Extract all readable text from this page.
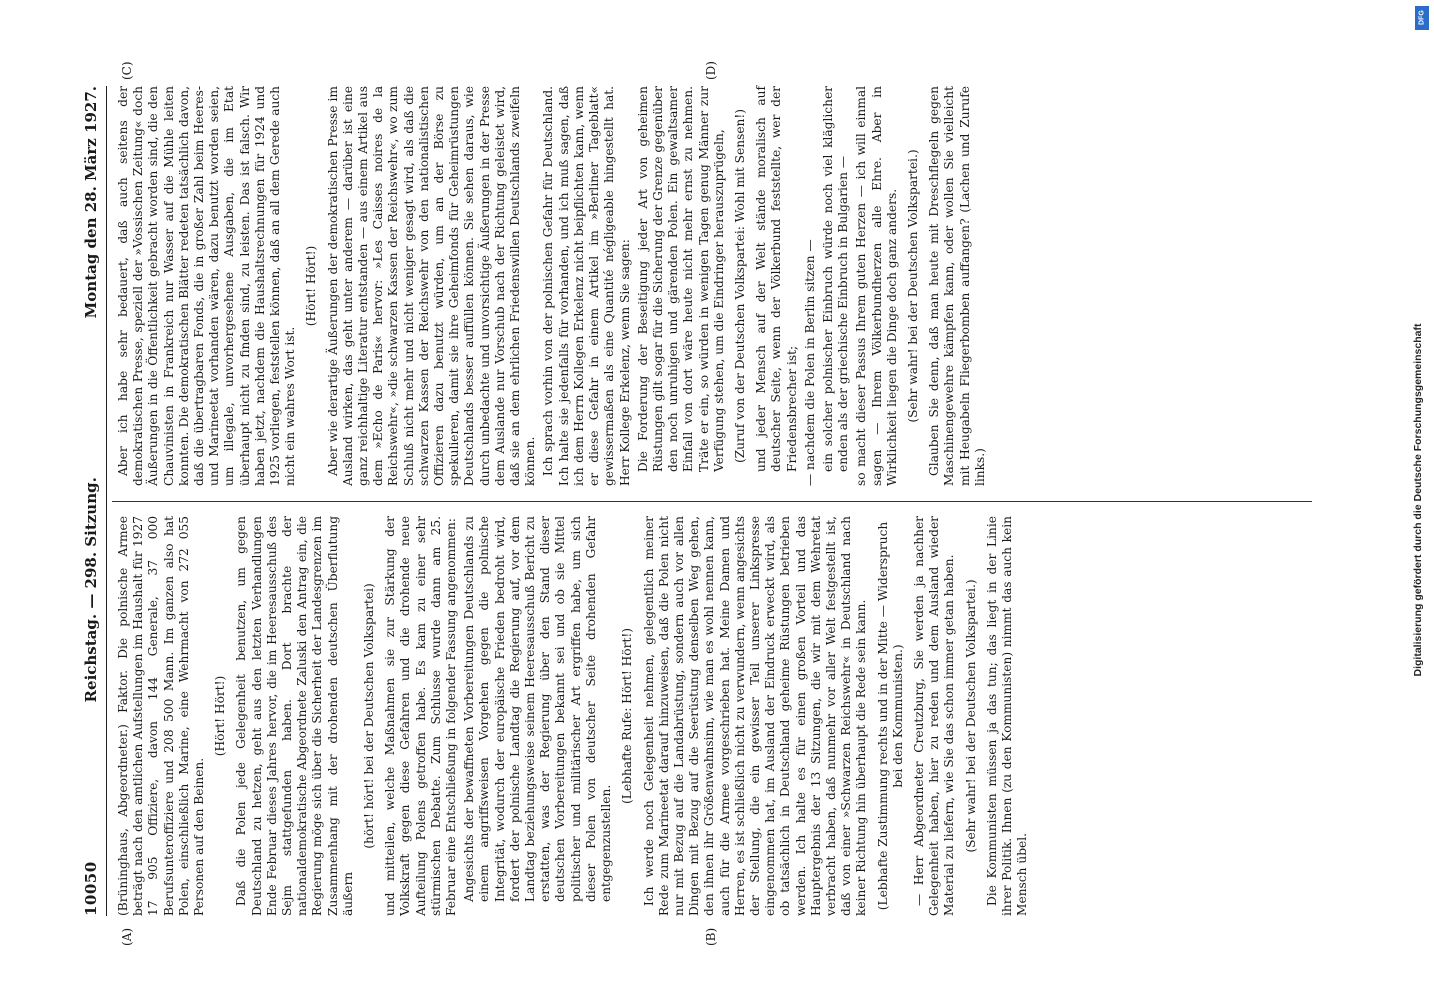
10050
Reichstag. — 298. Sitzung.
Montag den 28. März 1927.
(A)	(B)
(C)	(D)

(Brüninghaus, Abgeordneter.) Faktor. Die polnische Armee beträgt nach den amtlichen Aufstellungen im Haushalt für 1927 17 905 Offiziere, davon 144 Generale, 37 000 Berufsunteroffiziere und 208 500 Mann. Im ganzen also hat Polen, einschließlich Marine, eine Wehrmacht von 272 055 Personen auf den Beinen.

(Hört! Hört!) Daß die Polen jede Gelegenheit benutzen, um gegen Deutschland zu hetzen, geht aus den letzten Verhandlungen Ende Februar dieses Jahres hervor, die im Heeresausschuß des Sejm stattgefunden haben. Dort brachte der nationaldemokratische Abgeordnete Zaluski den Antrag ein, die Regierung möge sich über die Sicherheit der Landesgrenzen im Zusammenhang mit der drohenden deutschen Überflutung äußern

(hört! hört! bei der Deutschen Volkspartei) und mitteilen, welche Maßnahmen sie zur Stärkung der Volkskraft gegen diese Gefahren und die drohende neue Aufteilung Polens getroffen habe. Es kam zu einer sehr stürmischen Debatte. Zum Schlusse wurde dann am 25. Februar eine Entschließung in folgender Fassung angenommen: Angesichts der bewaffneten Vorbereitungen Deutschlands zu einem angriffsweisen Vorgehen gegen die polnische Integrität, wodurch der europäische Frieden bedroht wird, fordert der polnische Landtag die Regierung auf, vor dem Landtag beziehungsweise seinem Heeresausschuß Bericht zu erstatten, was der Regierung über den Stand dieser deutschen Vorbereitungen bekannt sei und ob sie Mittel politischer und militärischer Art ergriffen habe, um sich dieser Polen von deutscher Seite drohenden Gefahr entgegenzustellen.

(Lebhafte Rufe: Hört! Hört!) Ich werde noch Gelegenheit nehmen, gelegentlich meiner Rede zum Marineetat darauf hinzuweisen, daß die Polen nicht nur mit Bezug auf die Landabrüstung, sondern auch vor allen Dingen mit Bezug auf die Seerüstung denselben Weg gehen, den ihnen ihr Größenwahnsinn, wie man es wohl nennen kann, auch für die Armee vorgeschrieben hat. Meine Damen und Herren, es ist schließlich nicht zu verwundern, wenn angesichts der Stellung, die ein gewisser Teil unserer Linkspresse eingenommen hat, im Ausland der Eindruck erweckt wird, als ob tatsächlich in Deutschland geheime Rüstungen betrieben werden. Ich halte es für einen großen Vorteil und das Hauptergebnis der 13 Sitzungen, die wir mit dem Wehretat verbracht haben, daß nunmehr vor aller Welt festgestellt ist, daß von einer »Schwarzen Reichswehr« in Deutschland nach keiner Richtung hin überhaupt die Rede sein kann. (Lebhafte Zustimmung rechts und in der Mitte — Widerspruch bei den Kommunisten.) — Herr Abgeordneter Creutzburg, Sie werden ja nachher Gelegenheit haben, hier zu reden und dem Ausland wieder Material zu liefern, wie Sie das schon immer getan haben. (Sehr wahr! bei der Deutschen Volkspartei.) Die Kommunisten müssen ja das tun; das liegt in der Linie ihrer Politik. Ihnen (zu den Kommunisten) nimmt das auch kein Mensch übel.

Aber ich habe sehr bedauert, daß auch seitens der demokratischen Presse, speziell der »Vossischen Zeitung« doch Äußerungen in die Öffentlichkeit gebracht worden sind, die den Chauvinisten in Frankreich nur Wasser auf die Mühle leiten konnten. Die demokratischen Blätter redeten tatsächlich davon, daß die übertragbaren Fonds, die in großer Zahl beim Heeres- und Marineetat vorhanden wären, dazu benutzt worden seien, um illegale, unvorhergesehene Ausgaben, die im Etat überhaupt nicht zu finden sind, zu leisten. Das ist falsch. Wir haben jetzt, nachdem die Haushaltsrechnungen für 1924 und 1925 vorliegen, feststellen können, daß an all dem Gerede auch nicht ein wahres Wort ist.

(Hört! Hört!) Aber wie derartige Äußerungen der demokratischen Presse im Ausland wirken, das geht unter anderem — darüber ist eine ganz reichhaltige Literatur entstanden — aus einem Artikel aus dem »Echo de Paris« hervor: »Les Caisses noires de la Reichswehr«, »die schwarzen Kassen der Reichswehr«, wo zum Schluß nicht mehr und nicht weniger gesagt wird, als daß die schwarzen Kassen der Reichswehr von den nationalistischen Offizieren dazu benutzt würden, um an der Börse zu spekulieren, damit sie ihre Geheimfonds für Geheimrüstungen Deutschlands besser auffüllen können. Sie sehen daraus, wie durch unbedachte und unvorsichtige Äußerungen in der Presse dem Auslande nur Vorschub nach der Richtung geleistet wird, daß sie an dem ehrlichen Friedenswillen Deutschlands zweifeln können. Ich sprach vorhin von der polnischen Gefahr für Deutschland. Ich halte sie jedenfalls für vorhanden, und ich muß sagen, daß ich dem Herrn Kollegen Erkelenz nicht beipflichten kann, wenn er diese Gefahr in einem Artikel im »Berliner Tageblatt« gewissermaßen als eine Quantité négligeable hingestellt hat. Herr Kollege Erkelenz, wenn Sie sagen: Die Forderung der Beseitigung jeder Art von geheimen Rüstungen gilt sogar für die Sicherung der Grenze gegenüber den noch unruhigen und gärenden Polen. Ein gewaltsamer Einfall von dort wäre heute nicht mehr ernst zu nehmen. Träte er ein, so würden in wenigen Tagen genug Männer zur Verfügung stehen, um die Eindringer herauszuprügeln, (Zuruf von der Deutschen Volkspartei: Wohl mit Sensen!) und jeder Mensch auf der Welt stände moralisch auf deutscher Seite, wenn der Völkerbund feststellte, wer der Friedensbrecher ist; — nachdem die Polen in Berlin sitzen — ein solcher polnischer Einbruch würde noch viel kläglicher enden als der griechische Einbruch in Bulgarien — so macht dieser Passus Ihrem guten Herzen — ich will einmal sagen — Ihrem Völkerbundherzen alle Ehre. Aber in Wirklichkeit liegen die Dinge doch ganz anders. (Sehr wahr! bei der Deutschen Volkspartei.) Glauben Sie denn, daß man heute mit Dreschflegeln gegen Maschinengewehre kämpfen kann, oder wollen Sie vielleicht mit Heugabeln Fliegerbomben auffangen? (Lachen und Zurufe links.)	Digitalisierung gefördert durch die Deutsche Forschungsgemeinschaft
DFG
